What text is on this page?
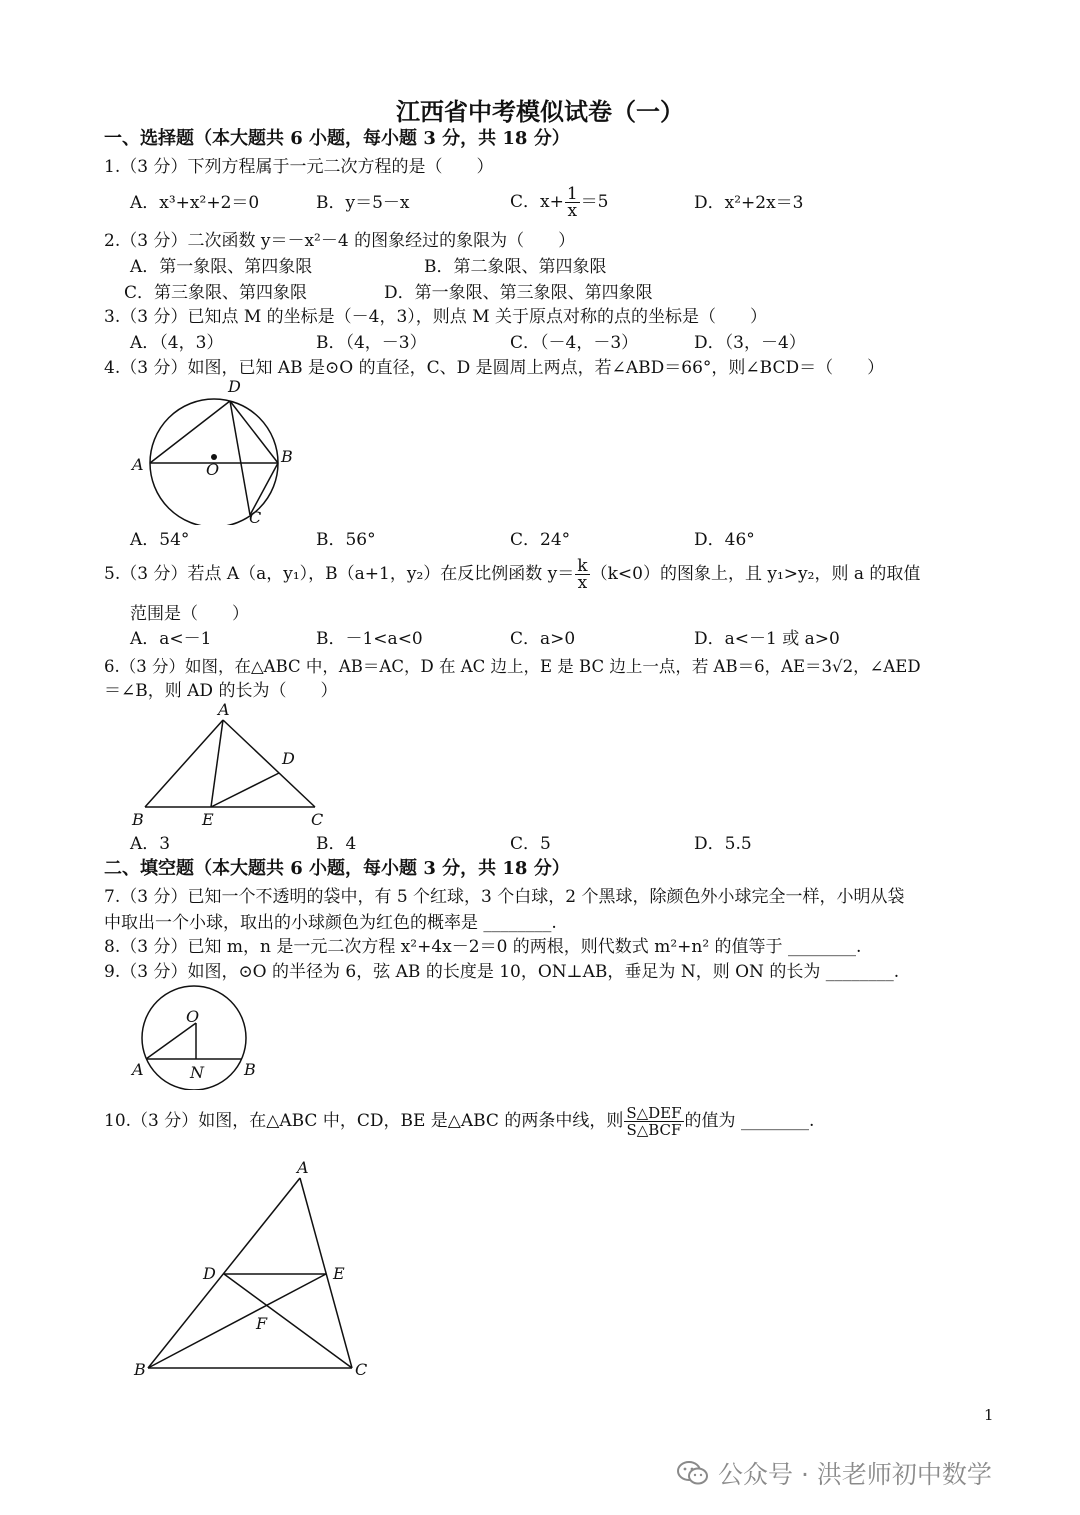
江西省中考模似试卷（一）
一、选择题（本大题共 6 小题，每小题 3 分，共 18 分）
1.（3 分）下列方程属于一元二次方程的是（　　）
A．x³+x²+2＝0	B．y＝5－x	C．$x+ \frac{1}{x} =5$	D．x²+2x＝3
2.（3 分）二次函数 y＝－x²－4 的图象经过的象限为（　　）
A．第一象限、第四象限	B．第二象限、第四象限
C．第三象限、第四象限	D．第一象限、第三象限、第四象限
3.（3 分）已知点 M 的坐标是（－4，3），则点 M 关于原点对称的点的坐标是（　　）
A．（4，3）	B．（4，－3）	C．（－4，－3）	D．（3，－4）
4.（3 分）如图，已知 AB 是⊙O 的直径，C、D 是圆周上两点，若∠ABD＝66°，则∠BCD＝（　　）
A	O
B
D
C
A．54°	B．56°	C．24°	D．46°
5.（3 分）若点 A（a，y₁），B（a+1，y₂）在反比例函数 $y= \frac{k}{x} (k<0)$的图象上，且 y₁>y₂，则 a 的取值
范围是（　　）
A．a<－1	B．－1<a<0	C．a>0	D．a<－1 或 a>0
6.（3 分）如图，在△ABC 中，AB＝AC，D 在 AC 边上，E 是 BC 边上一点，若 AB＝6，AE＝3√2，∠AED
＝∠B，则 AD 的长为（　　）
A
D
B	E	C
A．3	B．4	C．5	D．5.5
二、填空题（本大题共 6 小题，每小题 3 分，共 18 分）
7.（3 分）已知一个不透明的袋中，有 5 个红球，3 个白球，2 个黑球，除颜色外小球完全一样，小明从袋
中取出一个小球，取出的小球颜色为红色的概率是 ________.
8.（3 分）已知 m，n 是一元二次方程 x²+4x－2＝0 的两根，则代数式 m²+n² 的值等于 ________.
9.（3 分）如图，⊙O 的半径为 6，弦 AB 的长度是 10，ON⊥AB，垂足为 N，则 ON 的长为 ________.
O
A	N	B
10.（3 分）如图，在△ABC 中，CD，BE 是△ABC 的两条中线，则 $\frac{\text{S△DEF}}{\text{S△BCF}}$ 的值为 ________.
A
D	E
F
B	C
1
公众号 · 洪老师初中数学
